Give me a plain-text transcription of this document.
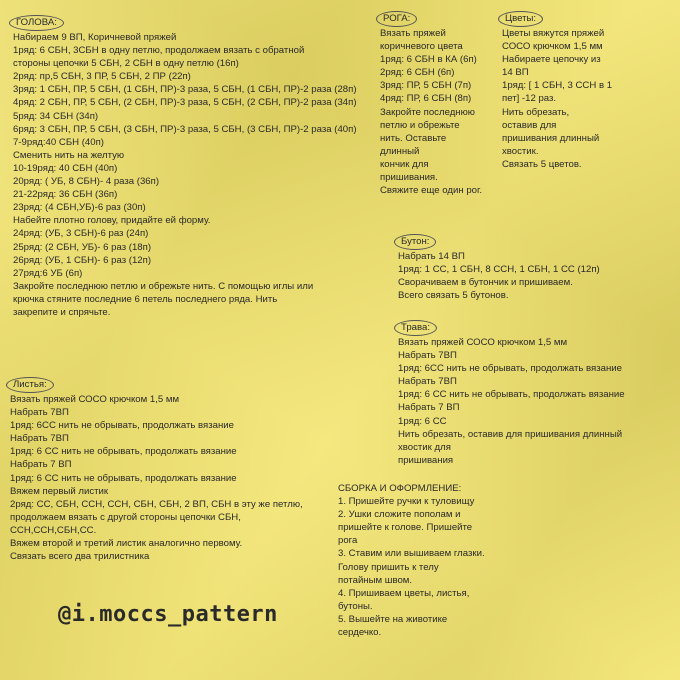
ГОЛОВА:
Набираем 9 ВП, Коричневой пряжей
1ряд: 6 СБН, 3СБН в одну петлю, продолжаем вязать с обратной
стороны цепочки 5 СБН, 2 СБН в одну петлю (16п)
2ряд: пр,5 СБН, 3 ПР, 5 СБН, 2 ПР (22п)
3ряд: 1 СБН, ПР, 5 СБН, (1 СБН, ПР)-3 раза, 5 СБН, (1 СБН, ПР)-2 раза (28п)
4ряд: 2 СБН, ПР, 5 СБН, (2 СБН, ПР)-3 раза, 5 СБН, (2 СБН, ПР)-2 раза (34п)
5ряд: 34 СБН (34п)
6ряд: 3 СБН, ПР, 5 СБН, (3 СБН, ПР)-3 раза, 5 СБН, (3 СБН, ПР)-2 раза (40п)
7-9ряд:40 СБН (40п)
Сменить нить на желтую
10-19ряд: 40 СБН (40п)
20ряд: ( УБ, 8 СБН)- 4 раза (36п)
21-22ряд: 36 СБН (36п)
23ряд: (4 СБН,УБ)-6 раз (30п)
Набейте плотно голову, придайте ей форму.
24ряд: (УБ, 3 СБН)-6 раз (24п)
25ряд: (2 СБН, УБ)- 6 раз (18п)
26ряд: (УБ, 1 СБН)- 6 раз (12п)
27ряд:6 УБ (6п)
Закройте последнюю петлю и обрежьте нить. С помощью иглы или
крючка стяните последние 6 петель последнего ряда. Нить
закрепите и спрячьте.
РОГА:
Вязать пряжей
коричневого цвета
1ряд: 6 СБН в КА (6п)
2ряд: 6 СБН (6п)
3ряд: ПР, 5 СБН (7п)
4ряд: ПР, 6 СБН (8п)
Закройте последнюю
петлю и обрежьте
нить. Оставьте
длинный
кончик для
пришивания.
Свяжите еще один рог.
Цветы:
Цветы вяжутся пряжей
СОСО крючком 1,5 мм
Набираете цепочку из
14 ВП
1ряд: [ 1 СБН, 3 ССН в 1
пет] -12 раз.
Нить обрезать,
оставив для
пришивания длинный
хвостик.
Связать 5 цветов.
Бутон:
Набрать 14 ВП
1ряд: 1 СС, 1 СБН, 8 ССН, 1 СБН, 1 СС (12п)
Сворачиваем в бутончик и пришиваем.
Всего связать 5 бутонов.
Трава:
Вязать пряжей СОСО крючком 1,5 мм
Набрать 7ВП
1ряд: 6СС нить не обрывать, продолжать вязание
Набрать 7ВП
1ряд: 6 СС нить не обрывать, продолжать вязание
Набрать 7 ВП
1ряд: 6 СС
Нить обрезать, оставив для пришивания длинный
хвостик для
пришивания
Листья:
Вязать пряжей СОСО крючком 1,5 мм
Набрать 7ВП
1ряд: 6СС нить не обрывать, продолжать вязание
Набрать 7ВП
1ряд: 6 СС нить не обрывать, продолжать вязание
Набрать 7 ВП
1ряд: 6 СС нить не обрывать, продолжать вязание
Вяжем первый листик
2ряд: СС, СБН, ССН, ССН, СБН, СБН, 2 ВП, СБН в эту же петлю,
продолжаем вязать с другой стороны цепочки СБН,
ССН,ССН,СБН,СС.
Вяжем второй и третий листик аналогично первому.
Связать всего два трилистника
СБОРКА И ОФОРМЛЕНИЕ:
1. Пришейте ручки к туловищу
2. Ушки сложите пополам и
пришейте к голове. Пришейте
рога
3. Ставим или вышиваем глазки.
Голову пришить к телу
потайным швом.
4. Пришиваем цветы, листья,
бутоны.
5. Вышейте на животике
сердечко.
@i.moccs_pattern
